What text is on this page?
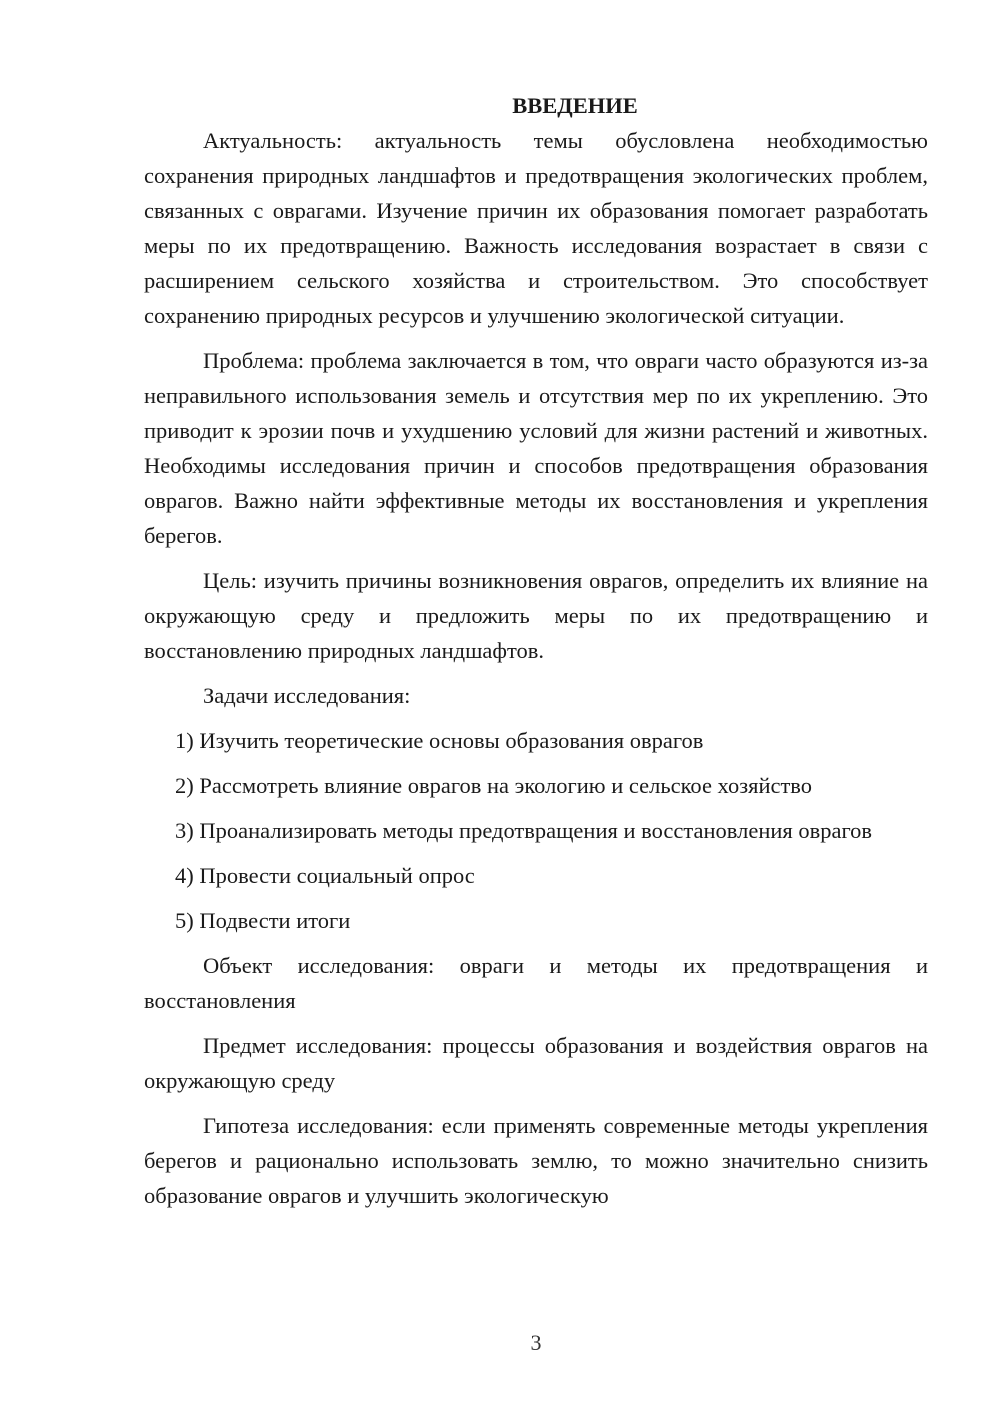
ВВЕДЕНИЕ

Актуальность: актуальность темы обусловлена необходимостью сохранения природных ландшафтов и предотвращения экологических проблем, связанных с оврагами. Изучение причин их образования помогает разработать меры по их предотвращению. Важность исследования возрастает в связи с расширением сельского хозяйства и строительством. Это способствует сохранению природных ресурсов и улучшению экологической ситуации.

Проблема: проблема заключается в том, что овраги часто образуются из-за неправильного использования земель и отсутствия мер по их укреплению. Это приводит к эрозии почв и ухудшению условий для жизни растений и животных. Необходимы исследования причин и способов предотвращения образования оврагов. Важно найти эффективные методы их восстановления и укрепления берегов.

Цель: изучить причины возникновения оврагов, определить их влияние на окружающую среду и предложить меры по их предотвращению и восстановлению природных ландшафтов.

Задачи исследования:

1) Изучить теоретические основы образования оврагов

2) Рассмотреть влияние оврагов на экологию и сельское хозяйство

3) Проанализировать методы предотвращения и восстановления оврагов

4) Провести социальный опрос

5) Подвести итоги

Объект исследования: овраги и методы их предотвращения и восстановления

Предмет исследования: процессы образования и воздействия оврагов на окружающую среду

Гипотеза исследования: если применять современные методы укрепления берегов и рационально использовать землю, то можно значительно снизить образование оврагов и улучшить экологическую

3
